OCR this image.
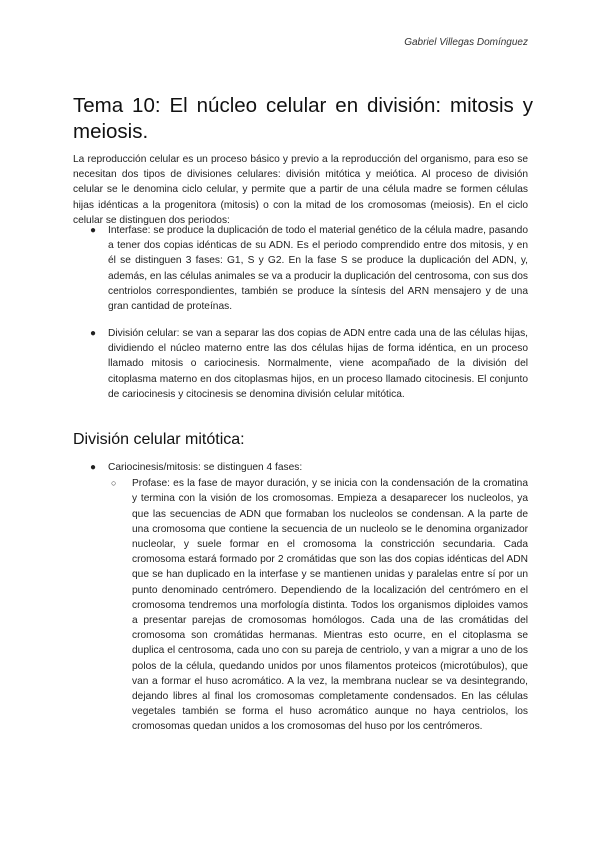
Gabriel Villegas Domínguez
Tema 10: El núcleo celular en división: mitosis y meiosis.

La reproducción celular es un proceso básico y previo a la reproducción del organismo, para eso se necesitan dos tipos de divisiones celulares: división mitótica y meiótica. Al proceso de división celular se le denomina ciclo celular, y permite que a partir de una célula madre se formen células hijas idénticas a la progenitora (mitosis) o con la mitad de los cromosomas (meiosis). En el ciclo celular se distinguen dos periodos:

● Interfase: se produce la duplicación de todo el material genético de la célula madre, pasando a tener dos copias idénticas de su ADN. Es el periodo comprendido entre dos mitosis, y en él se distinguen 3 fases: G1, S y G2. En la fase S se produce la duplicación del ADN, y, además, en las células animales se va a producir la duplicación del centrosoma, con sus dos centriolos correspondientes, también se produce la síntesis del ARN mensajero y de una gran cantidad de proteínas.

● División celular: se van a separar las dos copias de ADN entre cada una de las células hijas, dividiendo el núcleo materno entre las dos células hijas de forma idéntica, en un proceso llamado mitosis o cariocinesis. Normalmente, viene acompañado de la división del citoplasma materno en dos citoplasmas hijos, en un proceso llamado citocinesis. El conjunto de cariocinesis y citocinesis se denomina división celular mitótica.

División celular mitótica:
● Cariocinesis/mitosis: se distinguen 4 fases:

○ Profase: es la fase de mayor duración, y se inicia con la condensación de la cromatina y termina con la visión de los cromosomas. Empieza a desaparecer los nucleolos, ya que las secuencias de ADN que formaban los nucleolos se condensan. A la parte de una cromosoma que contiene la secuencia de un nucleolo se le denomina organizador nucleolar, y suele formar en el cromosoma la constricción secundaria. Cada cromosoma estará formado por 2 cromátidas que son las dos copias idénticas del ADN que se han duplicado en la interfase y se mantienen unidas y paralelas entre sí por un punto denominado centrómero. Dependiendo de la localización del centrómero en el cromosoma tendremos una morfología distinta. Todos los organismos diploides vamos a presentar parejas de cromosomas homólogos. Cada una de las cromátidas del cromosoma son cromátidas hermanas. Mientras esto ocurre, en el citoplasma se duplica el centrosoma, cada uno con su pareja de centriolo, y van a migrar a uno de los polos de la célula, quedando unidos por unos filamentos proteicos (microtúbulos), que van a formar el huso acromático. A la vez, la membrana nuclear se va desintegrando, dejando libres al final los cromosomas completamente condensados. En las células vegetales también se forma el huso acromático aunque no haya centriolos, los cromosomas quedan unidos a los cromosomas del huso por los centrómeros.
